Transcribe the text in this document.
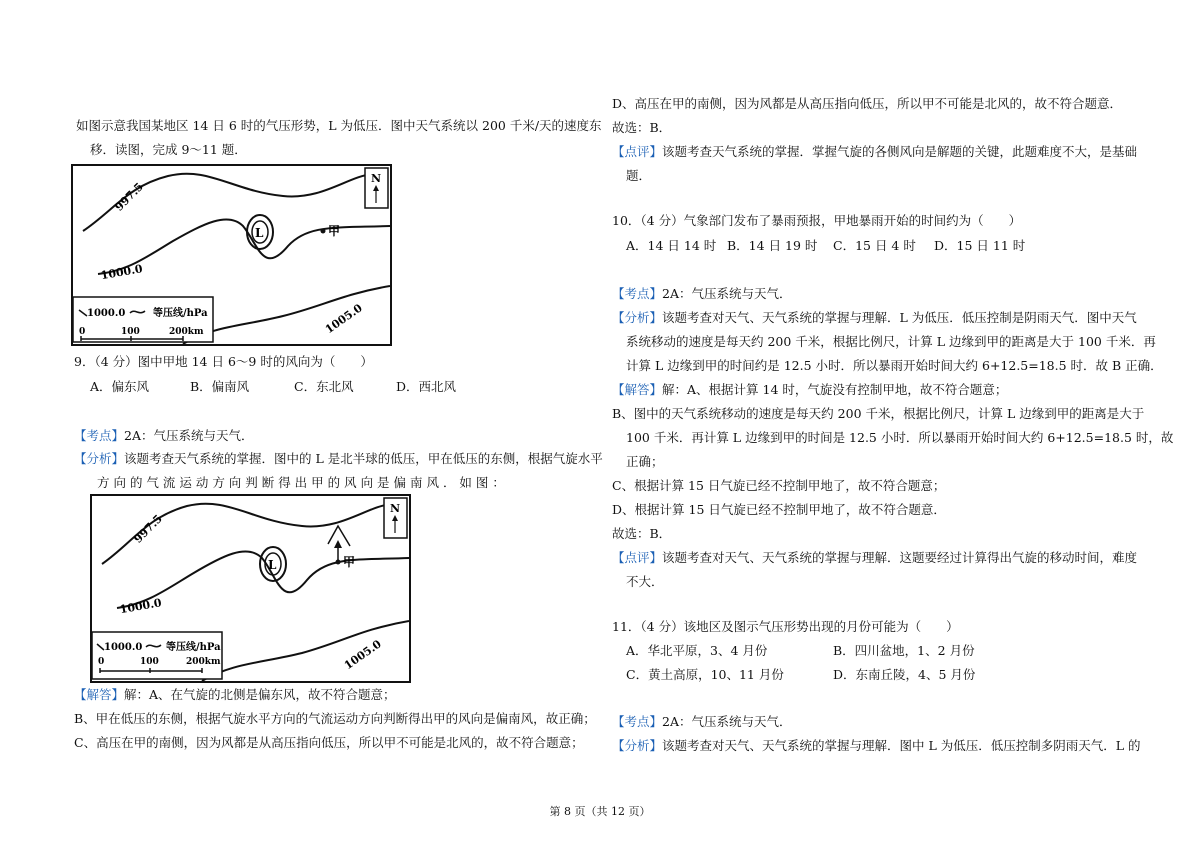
如图示意我国某地区 14 日 6 时的气压形势，L 为低压．图中天气系统以 200 千米/天的速度东
移．读图，完成 9～11 题．
L	甲
997.5
1000.0
1005.0
N
1000.0	等压线/hPa
0	100	200km
9．（4 分）图中甲地 14 日 6～9 时的风向为（　　）
A．偏东风	B．偏南风	C．东北风	D．西北风
【考点】2A：气压系统与天气．
【分析】该题考查天气系统的掌握．图中的 L 是北半球的低压，甲在低压的东侧，根据气旋水平
方 向 的 气 流 运 动 方 向 判 断 得 出 甲 的 风 向 是 偏 南 风 ． 如 图 ：
L	甲
997.5
1000.0
1005.0
N
1000.0 等压线/hPa
0	100	200km
【解答】解：A、在气旋的北侧是偏东风，故不符合题意；
B、甲在低压的东侧，根据气旋水平方向的气流运动方向判断得出甲的风向是偏南风，故正确；
C、高压在甲的南侧，因为风都是从高压指向低压，所以甲不可能是北风的，故不符合题意；
D、高压在甲的南侧，因为风都是从高压指向低压，所以甲不可能是北风的，故不符合题意．
故选：B．
【点评】该题考查天气系统的掌握．掌握气旋的各侧风向是解题的关键，此题难度不大，是基础
题．
10．（4 分）气象部门发布了暴雨预报，甲地暴雨开始的时间约为（　　）
A．14 日 14 时 B．14 日 19 时 C．15 日 4 时 D．15 日 11 时
【考点】2A：气压系统与天气．
【分析】该题考查对天气、天气系统的掌握与理解．L 为低压．低压控制是阴雨天气．图中天气
系统移动的速度是每天约 200 千米，根据比例尺，计算 L 边缘到甲的距离是大于 100 千米．再
计算 L 边缘到甲的时间约是 12.5 小时．所以暴雨开始时间大约 6+12.5=18.5 时．故 B 正确．
【解答】解：A、根据计算 14 时，气旋没有控制甲地，故不符合题意；
B、图中的天气系统移动的速度是每天约 200 千米，根据比例尺，计算 L 边缘到甲的距离是大于
100 千米．再计算 L 边缘到甲的时间是 12.5 小时．所以暴雨开始时间大约 6+12.5=18.5 时，故
正确；
C、根据计算 15 日气旋已经不控制甲地了，故不符合题意；
D、根据计算 15 日气旋已经不控制甲地了，故不符合题意．
故选：B．
【点评】该题考查对天气、天气系统的掌握与理解．这题要经过计算得出气旋的移动时间，难度
不大．
11．（4 分）该地区及图示气压形势出现的月份可能为（　　）
A．华北平原，3、4 月份	B．四川盆地，1、2 月份
C．黄土高原，10、11 月份	D．东南丘陵，4、5 月份
【考点】2A：气压系统与天气．
【分析】该题考查对天气、天气系统的掌握与理解．图中 L 为低压．低压控制多阴雨天气．L 的
第 8 页（共 12 页）
